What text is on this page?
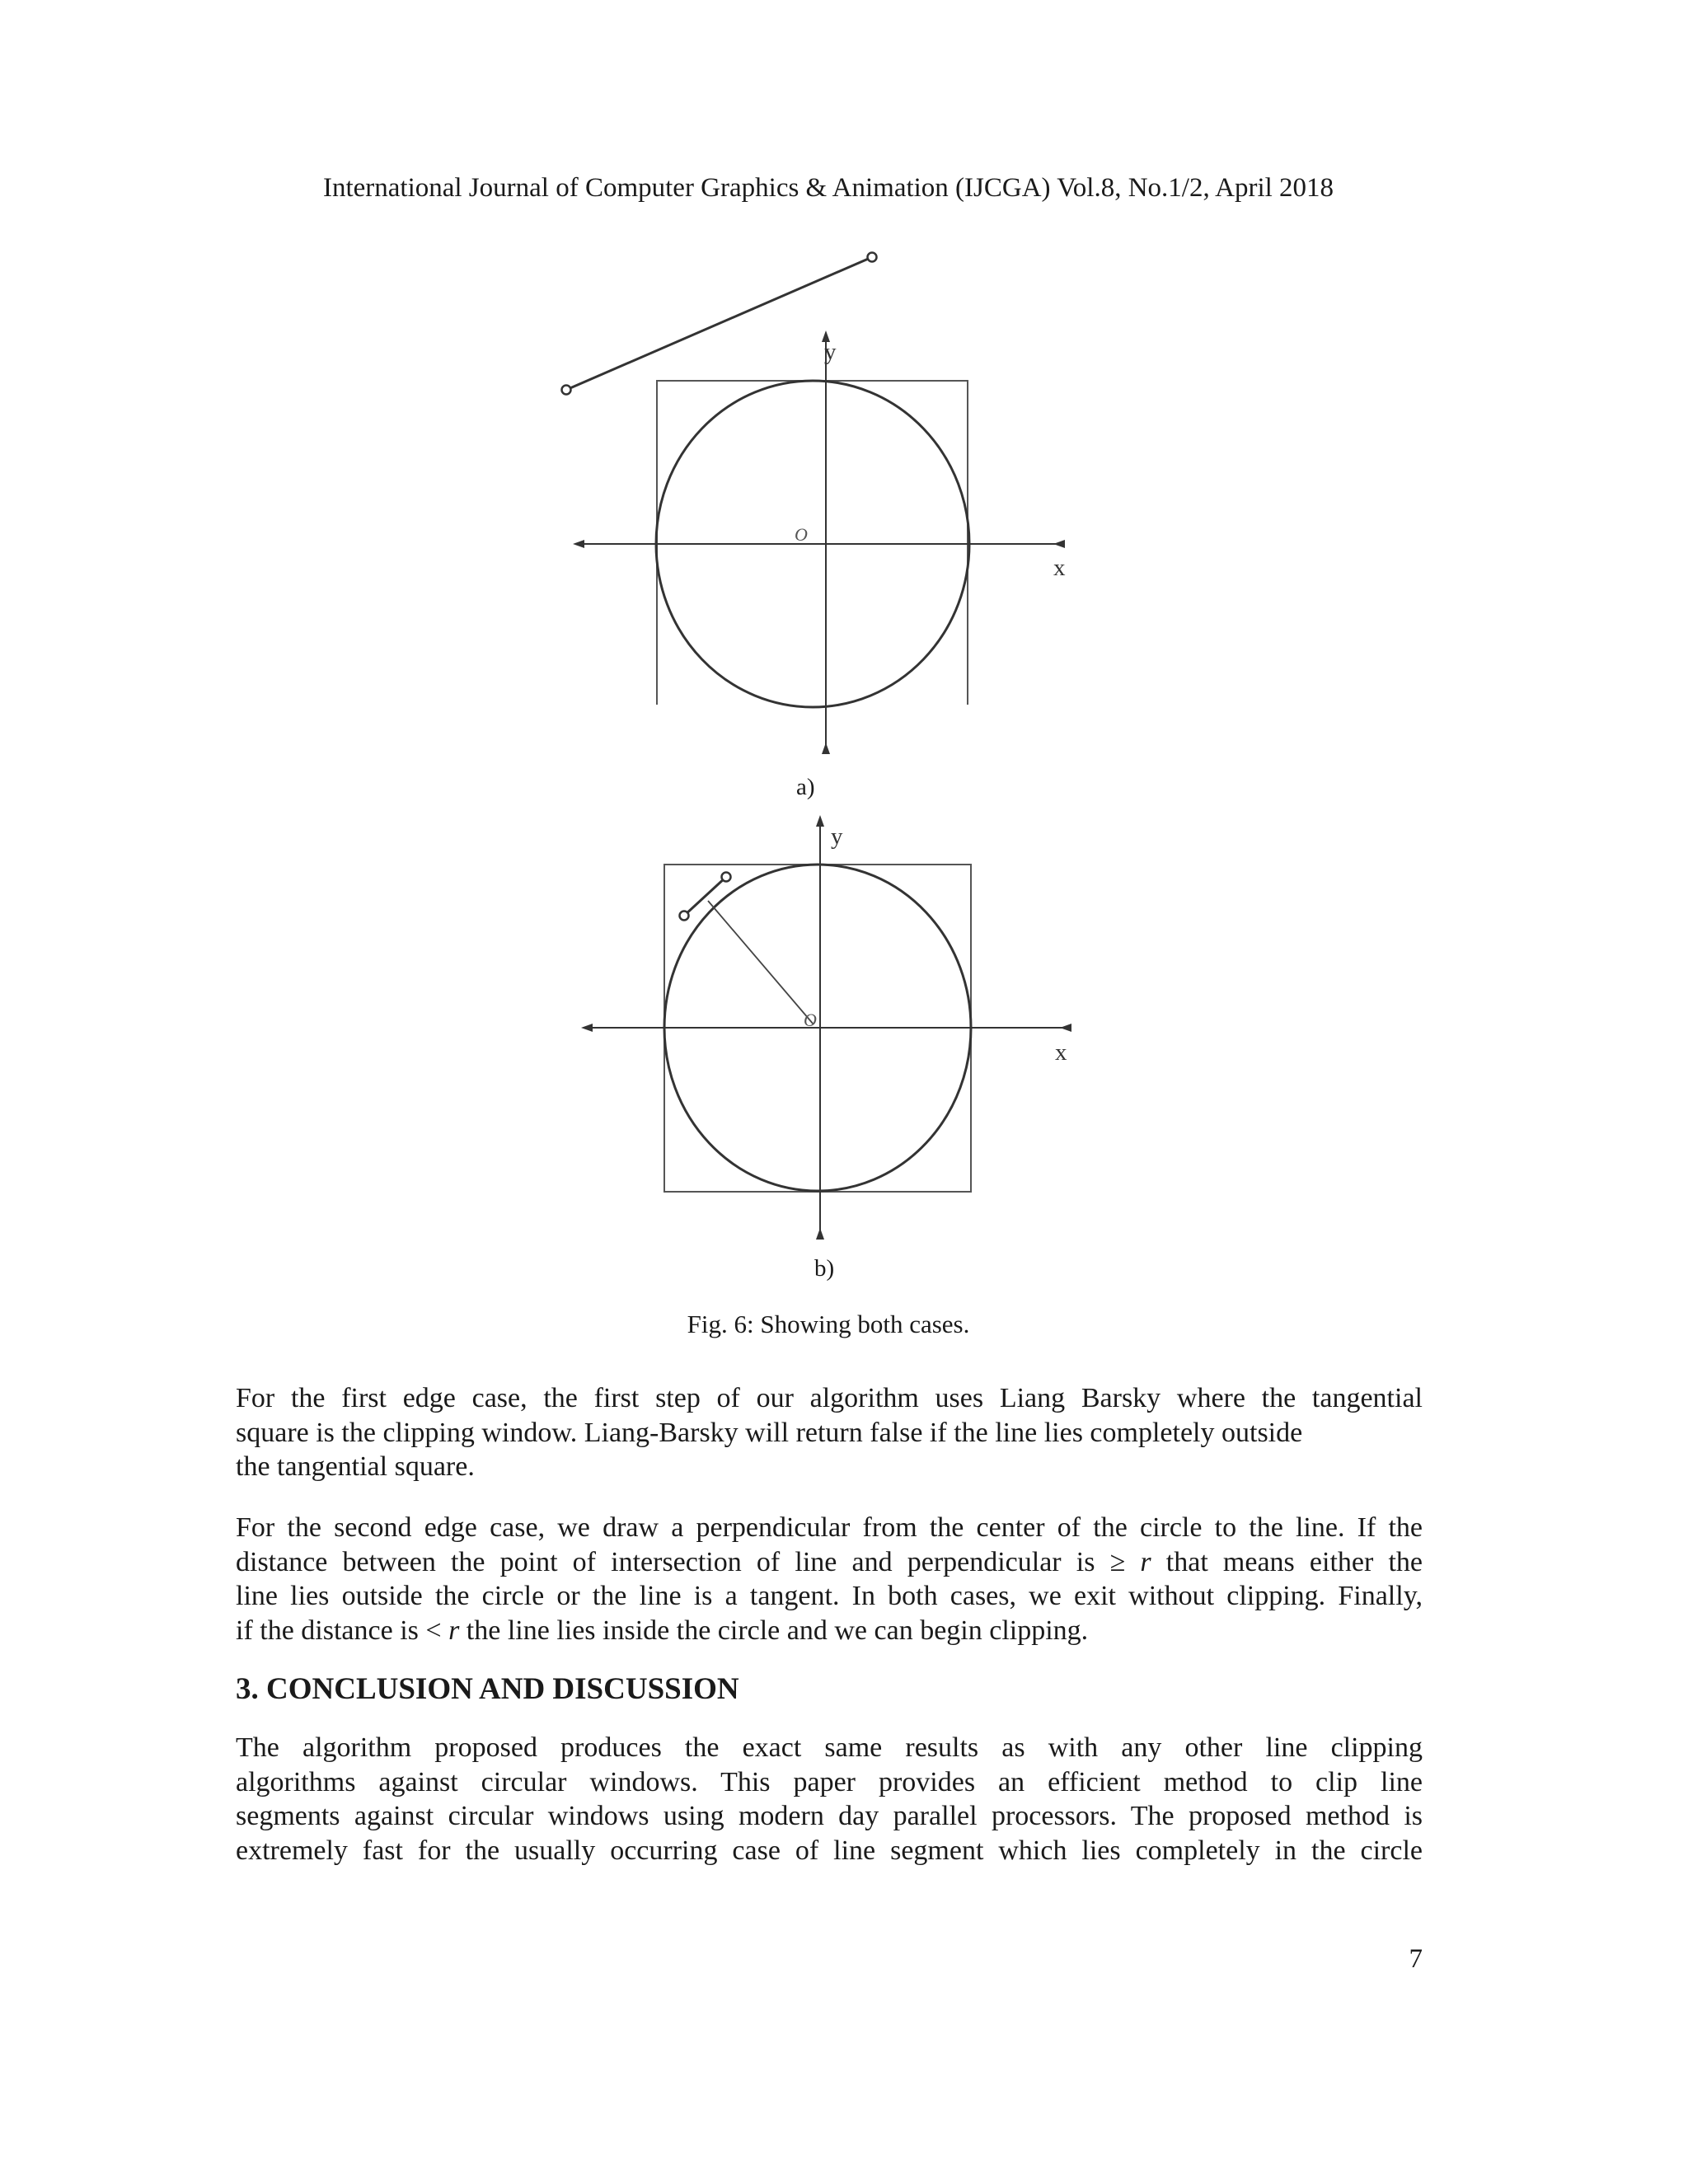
International Journal of Computer Graphics & Animation (IJCGA) Vol.8, No.1/2, April 2018
y
x
O
y
x
O
a)
b)
Fig. 6: Showing both cases.

For the first edge case, the first step of our algorithm uses Liang Barsky where the tangential
square is the clipping window. Liang-Barsky will return false if the line lies completely outside
the tangential square.

For the second edge case, we draw a perpendicular from the center of the circle to the line. If the
distance between the point of intersection of line and perpendicular is ≥ r that means either the
line lies outside the circle or the line is a tangent. In both cases, we exit without clipping. Finally,
if the distance is < r the line lies inside the circle and we can begin clipping.

3. CONCLUSION AND DISCUSSION

The algorithm proposed produces the exact same results as with any other line clipping
algorithms against circular windows. This paper provides an efficient method to clip line
segments against circular windows using modern day parallel processors. The proposed method is
extremely fast for the usually occurring case of line segment which lies completely in the circle

7
